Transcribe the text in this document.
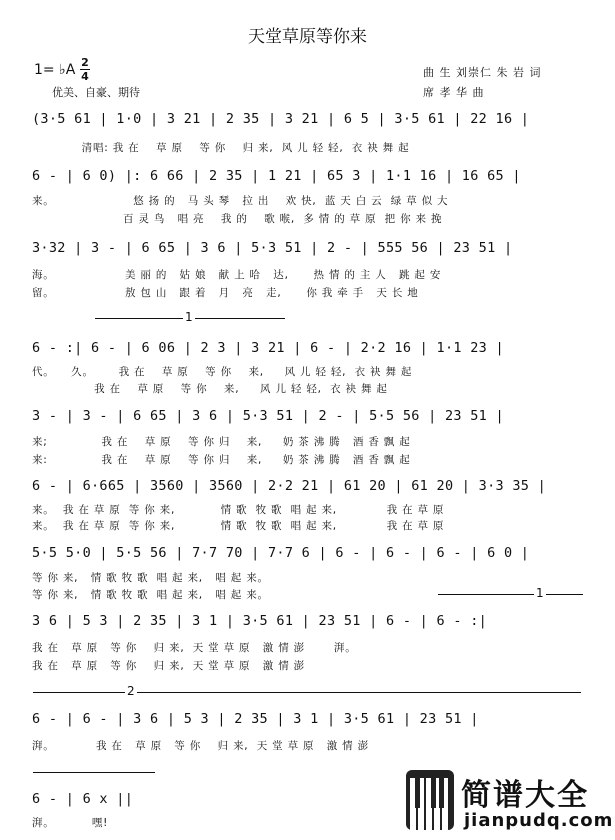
天堂草原等你来
1= ♭A 2
4
优美、自豪、期待
曲 生 刘崇仁 朱 岩 词
席 孝 华 曲
(3·5 61 | 1·0 | 3 21 | 2 35 | 3 21 | 6 5 | 3·5 61 | 22 16 |
清唱: 我 在    草 原    等 你    归 来,  风 儿 轻 轻,  衣 袂 舞 起
6 - | 6 0) |: 6 66 | 2 35 | 1 21 | 65 3 | 1·1 16 | 16 65 |
来。                   悠 扬 的   马 头 琴   拉 出    欢 快,  蓝 天 白 云  绿 草 似 大
百 灵 鸟   唱 亮    我 的    歌 喉,  多 情 的 草 原  把 你 来 挽
3·32 | 3 - | 6 65 | 3 6 | 5·3 51 | 2 - | 555 56 | 23 51 |
海。                 美 丽 的   姑 娘   献 上 哈   达,      热 情 的 主 人   跳 起 安
留。                 敖 包 山   跟 着   月   亮   走,      你 我 牵 手   天 长 地
1
6 - :| 6 - | 6 06 | 2 3 | 3 21 | 6 - | 2·2 16 | 1·1 23 |
代。    久。      我 在    草 原    等 你    来,     风 儿 轻 轻,  衣 袂 舞 起
我 在    草 原    等 你    来,     风 儿 轻 轻,  衣 袂 舞 起
3 - | 3 - | 6 65 | 3 6 | 5·3 51 | 2 - | 5·5 56 | 23 51 |
来;             我 在    草 原    等 你 归    来,     奶 茶 沸 腾   酒 香 飘 起
来:             我 在    草 原    等 你 归    来,     奶 茶 沸 腾   酒 香 飘 起
6 - | 6·665 | 3560 | 3560 | 2·2 21 | 61 20 | 61 20 | 3·3 35 |
来。  我 在 草 原  等 你 来,           情 歌  牧 歌  唱 起 来,            我 在 草 原
来。  我 在 草 原  等 你 来,           情 歌  牧 歌  唱 起 来,            我 在 草 原
5·5 5·0 | 5·5 56 | 7·7 70 | 7·7 6 | 6 - | 6 - | 6 - | 6 0 |
等 你 来,   情 歌 牧 歌  唱 起 来,   唱 起 来。
等 你 来,   情 歌 牧 歌  唱 起 来,   唱 起 来。	1
3 6 | 5 3 | 2 35 | 3 1 | 3·5 61 | 23 51 | 6 - | 6 - :|
我 在   草 原   等 你    归 来,  天 堂 草 原   激 情 澎       湃。
我 在   草 原   等 你    归 来,  天 堂 草 原   激 情 澎
2
6 - | 6 - | 3 6 | 5 3 | 2 35 | 3 1 | 3·5 61 | 23 51 |
湃。          我 在   草 原   等 你    归 来,  天 堂 草 原   激 情 澎
6 - | 6 x ||
湃。         嘿!
简谱大全
jianpudq.com
